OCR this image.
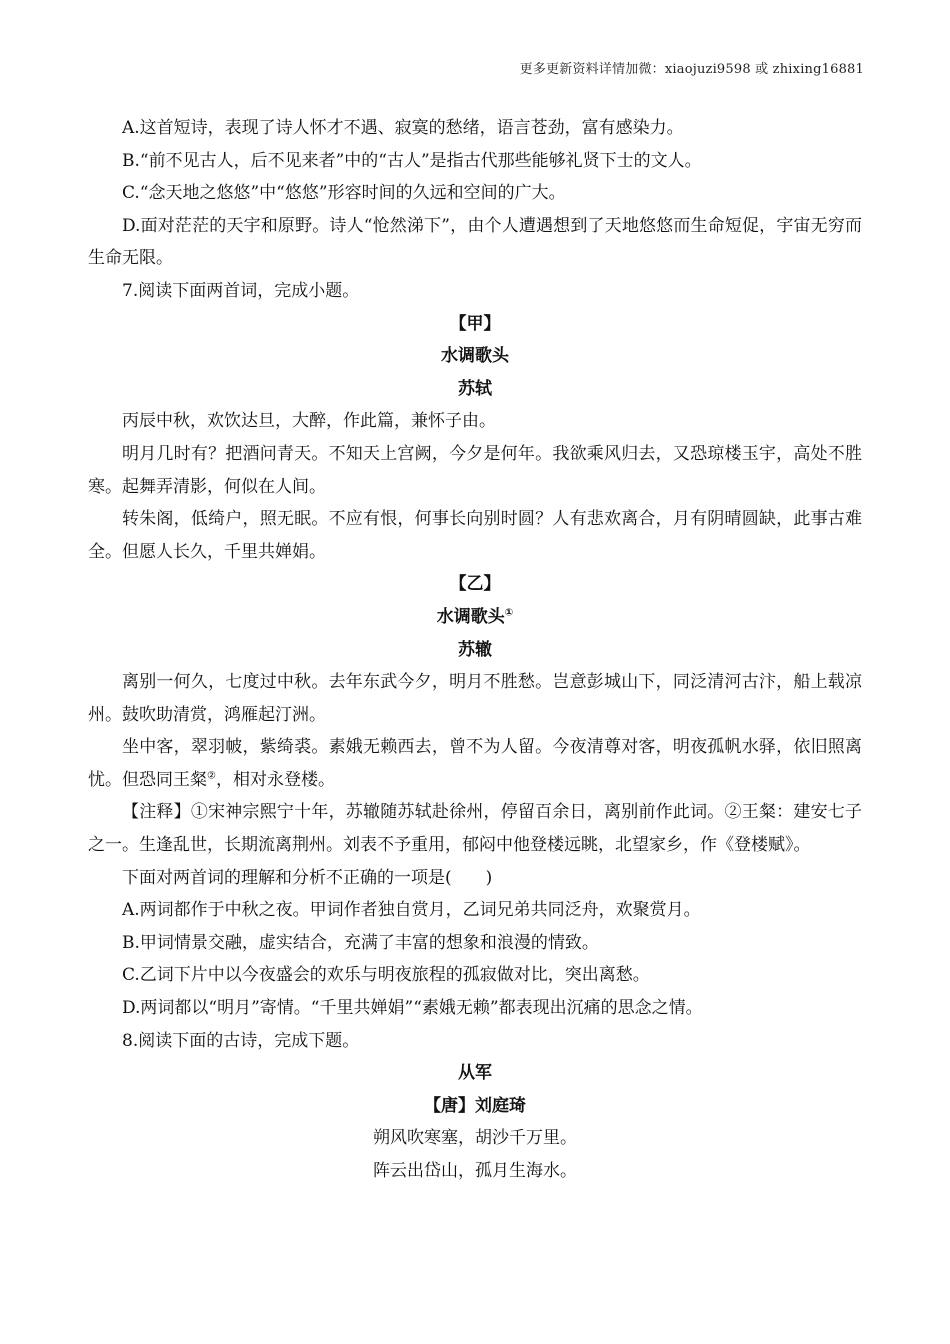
更多更新资料详情加微：xiaojuzi9598 或 zhixing16881

A.这首短诗，表现了诗人怀才不遇、寂寞的愁绪，语言苍劲，富有感染力。

B.“前不见古人，后不见来者”中的“古人”是指古代那些能够礼贤下士的文人。

C.“念天地之悠悠”中“悠悠”形容时间的久远和空间的广大。

D.面对茫茫的天宇和原野。诗人“怆然涕下”，由个人遭遇想到了天地悠悠而生命短促，宇宙无穷而生命无限。

7.阅读下面两首词，完成小题。

【甲】

水调歌头

苏轼

丙辰中秋，欢饮达旦，大醉，作此篇，兼怀子由。

明月几时有？把酒问青天。不知天上宫阙，今夕是何年。我欲乘风归去，又恐琼楼玉宇，高处不胜寒。起舞弄清影，何似在人间。

转朱阁，低绮户，照无眠。不应有恨，何事长向别时圆？人有悲欢离合，月有阴晴圆缺，此事古难全。但愿人长久，千里共婵娟。

【乙】

水调歌头①

苏辙

离别一何久，七度过中秋。去年东武今夕，明月不胜愁。岂意彭城山下，同泛清河古汴，船上载凉州。鼓吹助清赏，鸿雁起汀洲。

坐中客，翠羽帔，紫绮裘。素娥无赖西去，曾不为人留。今夜清尊对客，明夜孤帆水驿，依旧照离忧。但恐同王粲②，相对永登楼。

【注释】①宋神宗熙宁十年，苏辙随苏轼赴徐州，停留百余日，离别前作此词。②王粲：建安七子之一。生逢乱世，长期流离荆州。刘表不予重用，郁闷中他登楼远眺，北望家乡，作《登楼赋》。

下面对两首词的理解和分析不正确的一项是(　　)

A.两词都作于中秋之夜。甲词作者独自赏月，乙词兄弟共同泛舟，欢聚赏月。

B.甲词情景交融，虚实结合，充满了丰富的想象和浪漫的情致。

C.乙词下片中以今夜盛会的欢乐与明夜旅程的孤寂做对比，突出离愁。

D.两词都以“明月”寄情。“千里共婵娟”“素娥无赖”都表现出沉痛的思念之情。

8.阅读下面的古诗，完成下题。

从军

【唐】刘庭琦

朔风吹寒塞，胡沙千万里。

阵云出岱山，孤月生海水。
